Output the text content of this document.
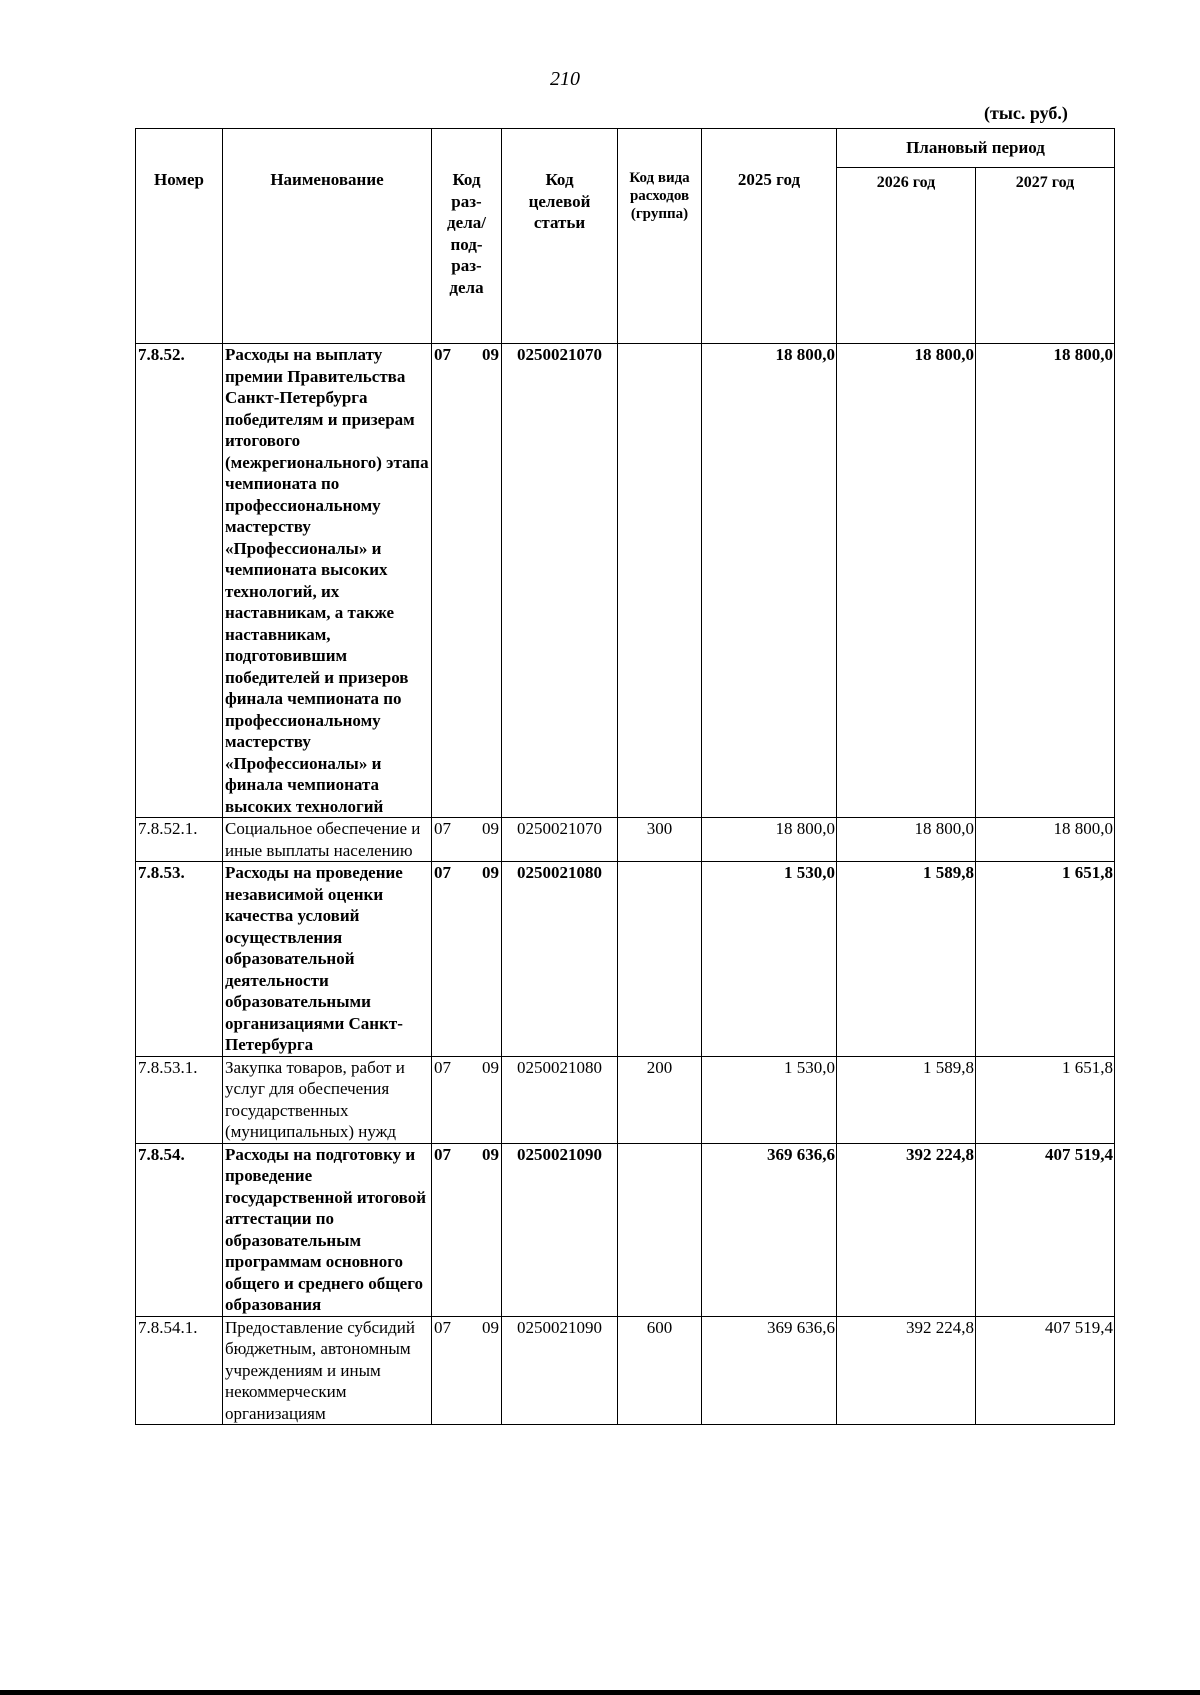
210
(тыс. руб.)
Номер	Наименование	Код раз-дела/ под-раз-дела	Код целевой статьи	Код вида расходов (группа)	2025 год	Плановый период	
						2026 год	2027 год
7.8.52.	Расходы на выплату премии Правительства Санкт-Петербурга победителям и призерам итогового (межрегионального) этапа чемпионата по профессиональному мастерству «Профессионалы» и чемпионата высоких технологий, их наставникам, а также наставникам, подготовившим победителей и призеров финала чемпионата по профессиональному мастерству «Профессионалы» и финала чемпионата высоких технологий	07 09	0250021070		18 800,0	18 800,0	18 800,0
7.8.52.1.	Социальное обеспечение и иные выплаты населению	07 09	0250021070	300	18 800,0	18 800,0	18 800,0
7.8.53.	Расходы на проведение независимой оценки качества условий осуществления образовательной деятельности образовательными организациями Санкт-Петербурга	07 09	0250021080		1 530,0	1 589,8	1 651,8
7.8.53.1.	Закупка товаров, работ и услуг для обеспечения государственных (муниципальных) нужд	07 09	0250021080	200	1 530,0	1 589,8	1 651,8
7.8.54.	Расходы на подготовку и проведение государственной итоговой аттестации по образовательным программам основного общего и среднего общего образования	07 09	0250021090		369 636,6	392 224,8	407 519,4
7.8.54.1.	Предоставление субсидий бюджетным, автономным учреждениям и иным некоммерческим организациям	07 09	0250021090	600	369 636,6	392 224,8	407 519,4
